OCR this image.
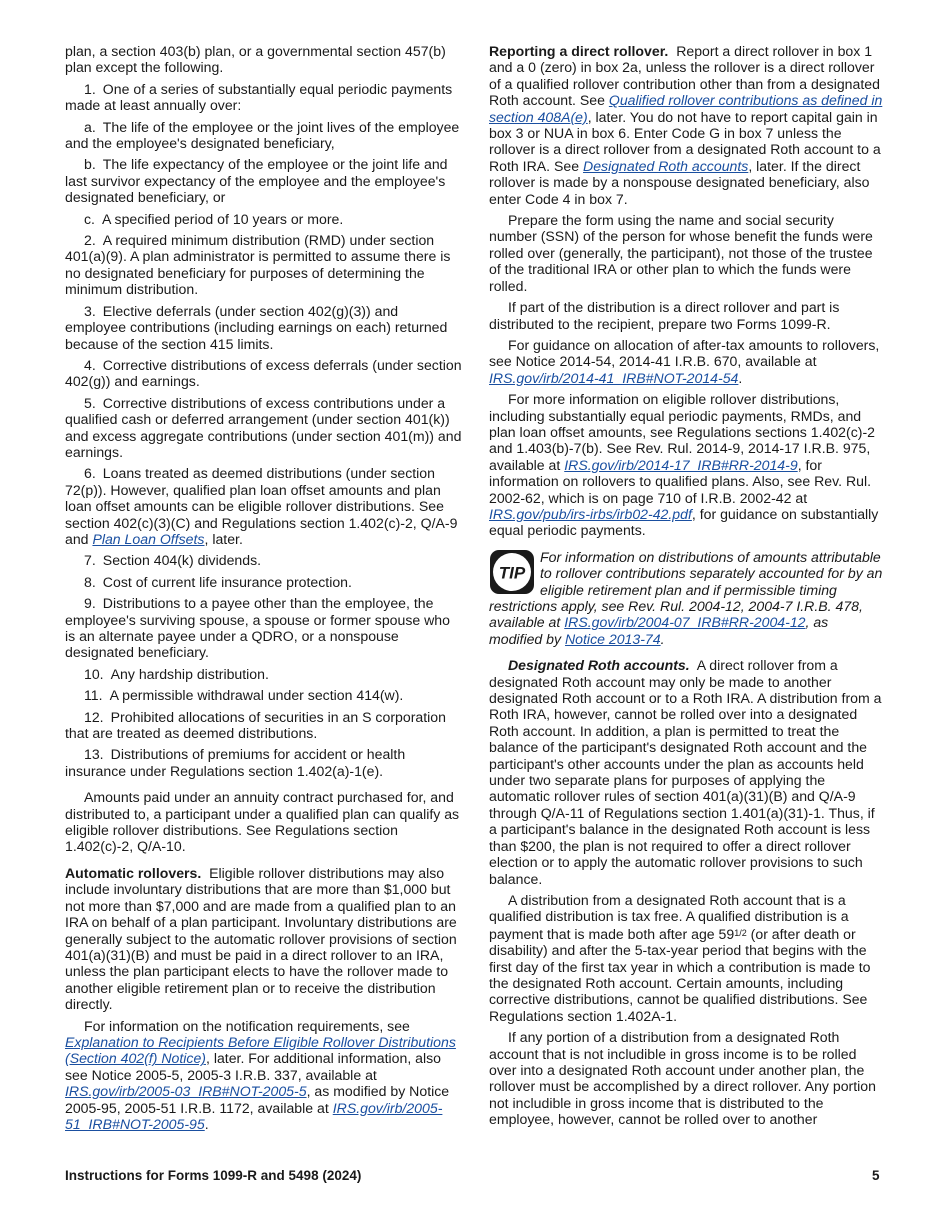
plan, a section 403(b) plan, or a governmental section 457(b) plan except the following.

1. One of a series of substantially equal periodic payments made at least annually over:

a. The life of the employee or the joint lives of the employee and the employee's designated beneficiary,

b. The life expectancy of the employee or the joint life and last survivor expectancy of the employee and the employee's designated beneficiary, or

c. A specified period of 10 years or more.

2. A required minimum distribution (RMD) under section 401(a)(9). A plan administrator is permitted to assume there is no designated beneficiary for purposes of determining the minimum distribution.

3. Elective deferrals (under section 402(g)(3)) and employee contributions (including earnings on each) returned because of the section 415 limits.

4. Corrective distributions of excess deferrals (under section 402(g)) and earnings.

5. Corrective distributions of excess contributions under a qualified cash or deferred arrangement (under section 401(k)) and excess aggregate contributions (under section 401(m)) and earnings.

6. Loans treated as deemed distributions (under section 72(p)). However, qualified plan loan offset amounts and plan loan offset amounts can be eligible rollover distributions. See section 402(c)(3)(C) and Regulations section 1.402(c)-2, Q/A-9 and Plan Loan Offsets, later.

7. Section 404(k) dividends.

8. Cost of current life insurance protection.

9. Distributions to a payee other than the employee, the employee's surviving spouse, a spouse or former spouse who is an alternate payee under a QDRO, or a nonspouse designated beneficiary.

10. Any hardship distribution.

11. A permissible withdrawal under section 414(w).

12. Prohibited allocations of securities in an S corporation that are treated as deemed distributions.

13. Distributions of premiums for accident or health insurance under Regulations section 1.402(a)-1(e).

Amounts paid under an annuity contract purchased for, and distributed to, a participant under a qualified plan can qualify as eligible rollover distributions. See Regulations section 1.402(c)-2, Q/A-10.

Automatic rollovers. Eligible rollover distributions may also include involuntary distributions that are more than $1,000 but not more than $7,000 and are made from a qualified plan to an IRA on behalf of a plan participant. Involuntary distributions are generally subject to the automatic rollover provisions of section 401(a)(31)(B) and must be paid in a direct rollover to an IRA, unless the plan participant elects to have the rollover made to another eligible retirement plan or to receive the distribution directly.

For information on the notification requirements, see Explanation to Recipients Before Eligible Rollover Distributions (Section 402(f) Notice), later. For additional information, also see Notice 2005-5, 2005-3 I.R.B. 337, available at IRS.gov/irb/2005-03_IRB#NOT-2005-5, as modified by Notice 2005-95, 2005-51 I.R.B. 1172, available at IRS.gov/irb/2005-51_IRB#NOT-2005-95.

Reporting a direct rollover. Report a direct rollover in box 1 and a 0 (zero) in box 2a, unless the rollover is a direct rollover of a qualified rollover contribution other than from a designated Roth account. See Qualified rollover contributions as defined in section 408A(e), later. You do not have to report capital gain in box 3 or NUA in box 6. Enter Code G in box 7 unless the rollover is a direct rollover from a designated Roth account to a Roth IRA. See Designated Roth accounts, later. If the direct rollover is made by a nonspouse designated beneficiary, also enter Code 4 in box 7.

Prepare the form using the name and social security number (SSN) of the person for whose benefit the funds were rolled over (generally, the participant), not those of the trustee of the traditional IRA or other plan to which the funds were rolled.

If part of the distribution is a direct rollover and part is distributed to the recipient, prepare two Forms 1099-R.

For guidance on allocation of after-tax amounts to rollovers, see Notice 2014-54, 2014-41 I.R.B. 670, available at IRS.gov/irb/2014-41_IRB#NOT-2014-54.

For more information on eligible rollover distributions, including substantially equal periodic payments, RMDs, and plan loan offset amounts, see Regulations sections 1.402(c)-2 and 1.403(b)-7(b). See Rev. Rul. 2014-9, 2014-17 I.R.B. 975, available at IRS.gov/irb/2014-17_IRB#RR-2014-9, for information on rollovers to qualified plans. Also, see Rev. Rul. 2002-62, which is on page 710 of I.R.B. 2002-42 at IRS.gov/pub/irs-irbs/irb02-42.pdf, for guidance on substantially equal periodic payments.

TIP
For information on distributions of amounts attributable to rollover contributions separately accounted for by an eligible retirement plan and if permissible timing restrictions apply, see Rev. Rul. 2004-12, 2004-7 I.R.B. 478, available at IRS.gov/irb/2004-07_IRB#RR-2004-12, as modified by Notice 2013-74.

Designated Roth accounts. A direct rollover from a designated Roth account may only be made to another designated Roth account or to a Roth IRA. A distribution from a Roth IRA, however, cannot be rolled over into a designated Roth account. In addition, a plan is permitted to treat the balance of the participant's designated Roth account and the participant's other accounts under the plan as accounts held under two separate plans for purposes of applying the automatic rollover rules of section 401(a)(31)(B) and Q/A-9 through Q/A-11 of Regulations section 1.401(a)(31)-1. Thus, if a participant's balance in the designated Roth account is less than $200, the plan is not required to offer a direct rollover election or to apply the automatic rollover provisions to such balance.

A distribution from a designated Roth account that is a qualified distribution is tax free. A qualified distribution is a payment that is made both after age $59^{1/2}$ (or after death or disability) and after the 5-tax-year period that begins with the first day of the first tax year in which a contribution is made to the designated Roth account. Certain amounts, including corrective distributions, cannot be qualified distributions. See Regulations section 1.402A-1.

If any portion of a distribution from a designated Roth account that is not includible in gross income is to be rolled over into a designated Roth account under another plan, the rollover must be accomplished by a direct rollover. Any portion not includible in gross income that is distributed to the employee, however, cannot be rolled over to another

Instructions for Forms 1099-R and 5498 (2024)	5
